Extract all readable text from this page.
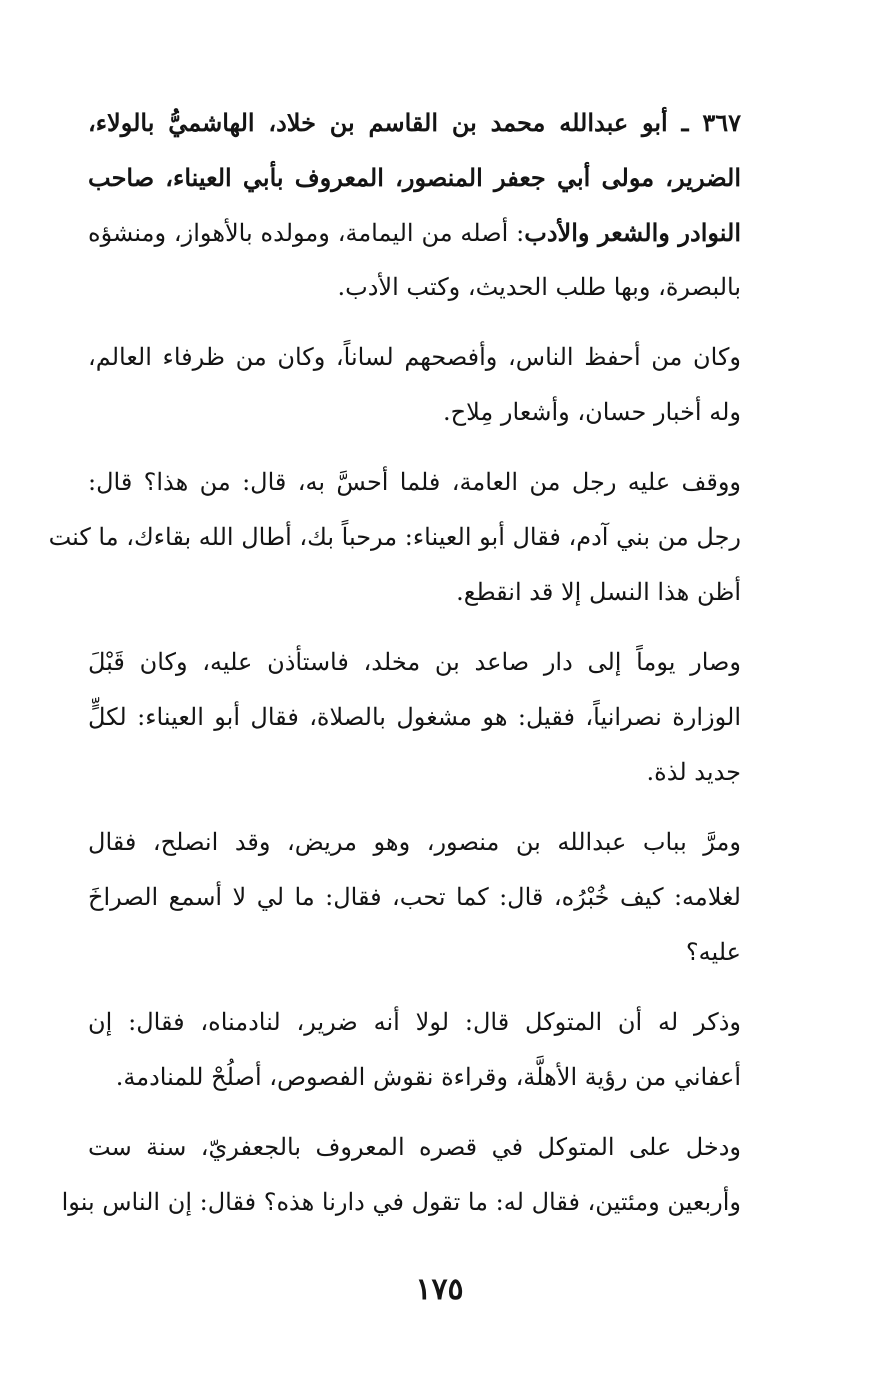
٣٦٧ ـ أبو عبدالله محمد بن القاسم بن خلاد، الهاشميُّ بالولاء،
الضرير، مولى أبي جعفر المنصور، المعروف بأبي العيناء، صاحب
النوادر والشعر والأدب: أصله من اليمامة، ومولده بالأهواز، ومنشؤه
بالبصرة، وبها طلب الحديث، وكتب الأدب.
وكان من أحفظ الناس، وأفصحهم لساناً، وكان من ظرفاء العالم،
وله أخبار حسان، وأشعار مِلاح.
ووقف عليه رجل من العامة، فلما أحسَّ به، قال: من هذا؟ قال:
رجل من بني آدم، فقال أبو العيناء: مرحباً بك، أطال الله بقاءك، ما كنت
أظن هذا النسل إلا قد انقطع.
وصار يوماً إلى دار صاعد بن مخلد، فاستأذن عليه، وكان قَبْلَ
الوزارة نصرانياً، فقيل: هو مشغول بالصلاة، فقال أبو العيناء: لكلٍّ
جديد لذة.
ومرَّ بباب عبدالله بن منصور، وهو مريض، وقد انصلح، فقال
لغلامه: كيف خُبْرُه، قال: كما تحب، فقال: ما لي لا أسمع الصراخَ
عليه؟
وذكر له أن المتوكل قال: لولا أنه ضرير، لنادمناه، فقال: إن
أعفاني من رؤية الأهلَّة، وقراءة نقوش الفصوص، أصلُحْ للمنادمة.
ودخل على المتوكل في قصره المعروف بالجعفريّ، سنة ست
وأربعين ومئتين، فقال له: ما تقول في دارنا هذه؟ فقال: إن الناس بنوا
١٧٥
